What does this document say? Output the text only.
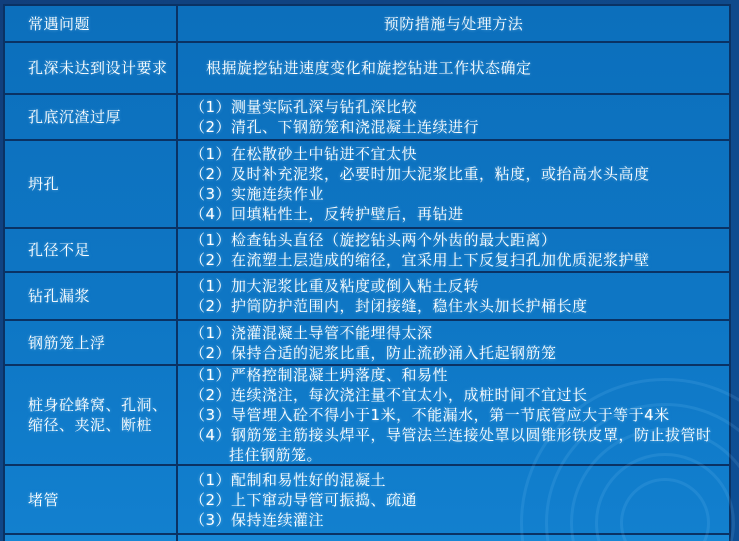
常遇问题	预防措施与处理方法
孔深未达到设计要求	根据旋挖钻进速度变化和旋挖钻进工作状态确定
孔底沉渣过厚
（1）测量实际孔深与钻孔深比较
（2）清孔、下钢筋笼和浇混凝土连续进行
坍孔
（1）在松散砂土中钻进不宜太快
（2）及时补充泥浆，必要时加大泥浆比重，粘度，或抬高水头高度
（3）实施连续作业
（4）回填粘性土，反转护壁后，再钻进
孔径不足
（1）检查钻头直径（旋挖钻头两个外齿的最大距离）
（2）在流塑土层造成的缩径，宜采用上下反复扫孔加优质泥浆护壁
钻孔漏浆
（1）加大泥浆比重及粘度或倒入粘土反转
（2）护筒防护范围内，封闭接缝，稳住水头加长护桶长度
钢筋笼上浮
（1）浇灌混凝土导管不能埋得太深
（2）保持合适的泥浆比重，防止流砂涌入托起钢筋笼
桩身砼蜂窝、孔洞、缩径、夹泥、断桩
（1）严格控制混凝土坍落度、和易性
（2）连续浇注，每次浇注量不宜太小，成桩时间不宜过长
（3）导管埋入砼不得小于1米，不能漏水，第一节底管应大于等于4米
（4）钢筋笼主筋接头焊平，导管法兰连接处罩以圆锥形铁皮罩，防止拔管时挂住钢筋笼。
堵管
（1）配制和易性好的混凝土
（2）上下窜动导管可振捣、疏通
（3）保持连续灌注
